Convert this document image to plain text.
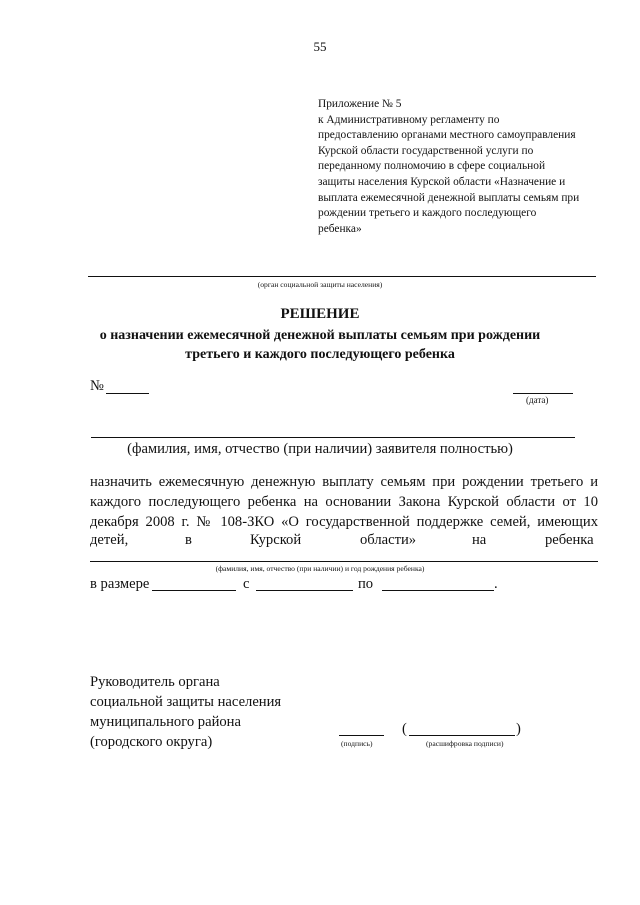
55
Приложение № 5
к Административному регламенту по
предоставлению органами местного самоуправления
Курской области государственной услуги по
переданному полномочию в сфере социальной
защиты населения Курской области «Назначение и
выплата ежемесячной денежной выплаты семьям при
рождении третьего и каждого последующего
ребенка»
(орган социальной защиты населения)
РЕШЕНИЕ
о назначении ежемесячной денежной выплаты семьям при рождении
третьего и каждого последующего ребенка
№
(дата)
(фамилия, имя, отчество (при наличии) заявителя полностью)
назначить ежемесячную денежную выплату семьям при рождении третьего и
каждого последующего ребенка на основании Закона Курской области от 10
декабря 2008 г. № 108-ЗКО «О государственной поддержке семей, имеющих
детей,	в	Курской	области»	на	ребенка
(фамилия, имя, отчество (при наличии) и год рождения ребенка)
в размере	с	по	.
Руководитель органа
социальной защиты населения
муниципального района
(городского округа)	(подпись)
(	)
(расшифровка подписи)
